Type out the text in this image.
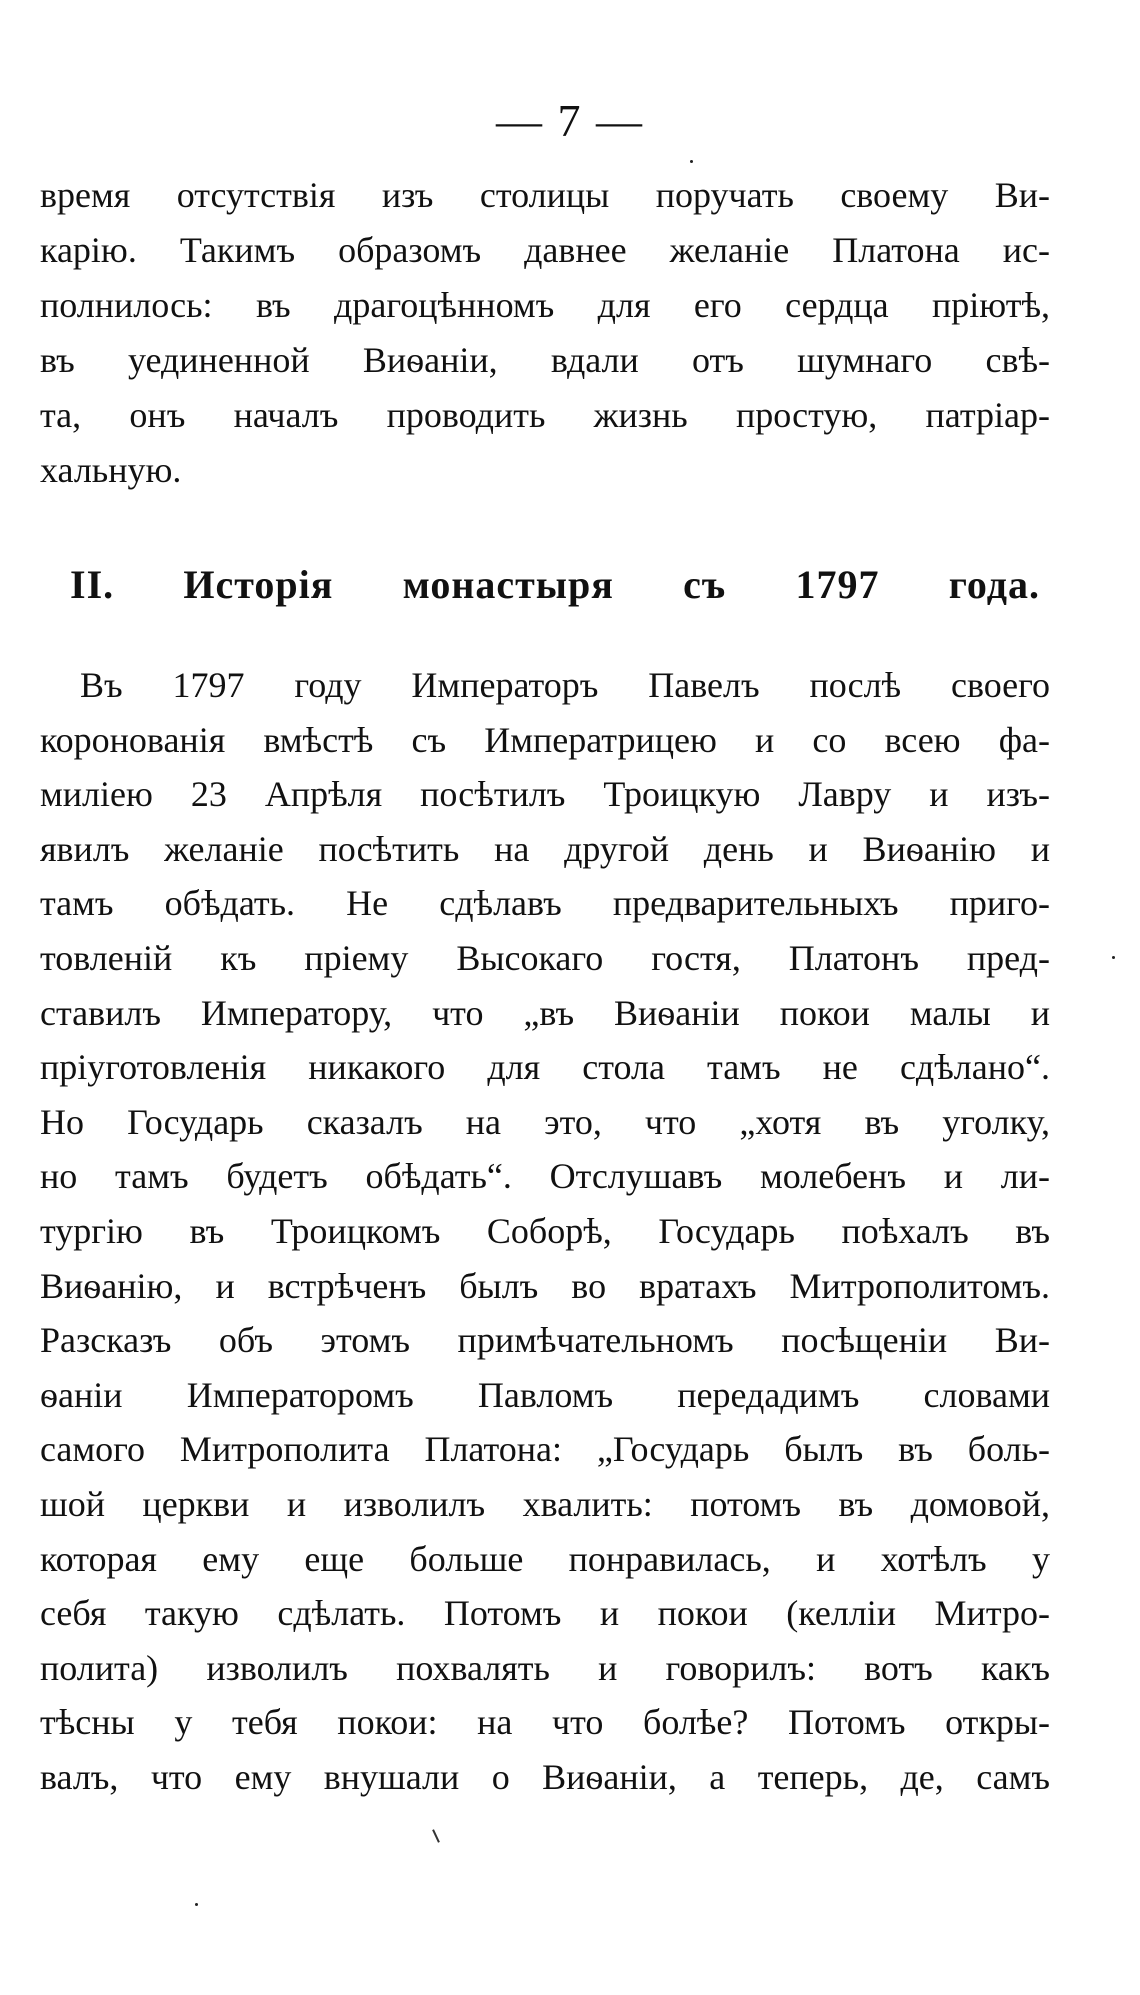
— 7 —
время отсутствія изъ столицы поручать своему Ви-
карію. Такимъ образомъ давнее желаніе Платона ис-
полнилось: въ драгоцѣнномъ для его сердца пріютѣ,
въ уединенной Виѳаніи, вдали отъ шумнаго свѣ-
та, онъ началъ проводить жизнь простую, патріар-
хальную.
II. Исторія монастыря съ 1797 года.
Въ 1797 году Императоръ Павелъ послѣ своего
коронованія вмѣстѣ съ Императрицею и со всею фа-
миліею 23 Апрѣля посѣтилъ Троицкую Лавру и изъ-
явилъ желаніе посѣтить на другой день и Виѳанію и
тамъ обѣдать. Не сдѣлавъ предварительныхъ приго-
товленій къ пріему Высокаго гостя, Платонъ пред-
ставилъ Императору, что „въ Виѳаніи покои малы и
пріуготовленія никакого для стола тамъ не сдѣлано“.
Но Государь сказалъ на это, что „хотя въ уголку,
но тамъ будетъ обѣдать“. Отслушавъ молебенъ и ли-
тургію въ Троицкомъ Соборѣ, Государь поѣхалъ въ
Виѳанію, и встрѣченъ былъ во вратахъ Митрополитомъ.
Разсказъ объ этомъ примѣчательномъ посѣщеніи Ви-
ѳаніи Императоромъ Павломъ передадимъ словами
самого Митрополита Платона: „Государь былъ въ боль-
шой церкви и изволилъ хвалить: потомъ въ домовой,
которая ему еще больше понравилась, и хотѣлъ у
себя такую сдѣлать. Потомъ и покои (келліи Митро-
полита) изволилъ похвалять и говорилъ: вотъ какъ
тѣсны у тебя покои: на что болѣе? Потомъ откры-
валъ, что ему внушали о Виѳаніи, а теперь, де, самъ
